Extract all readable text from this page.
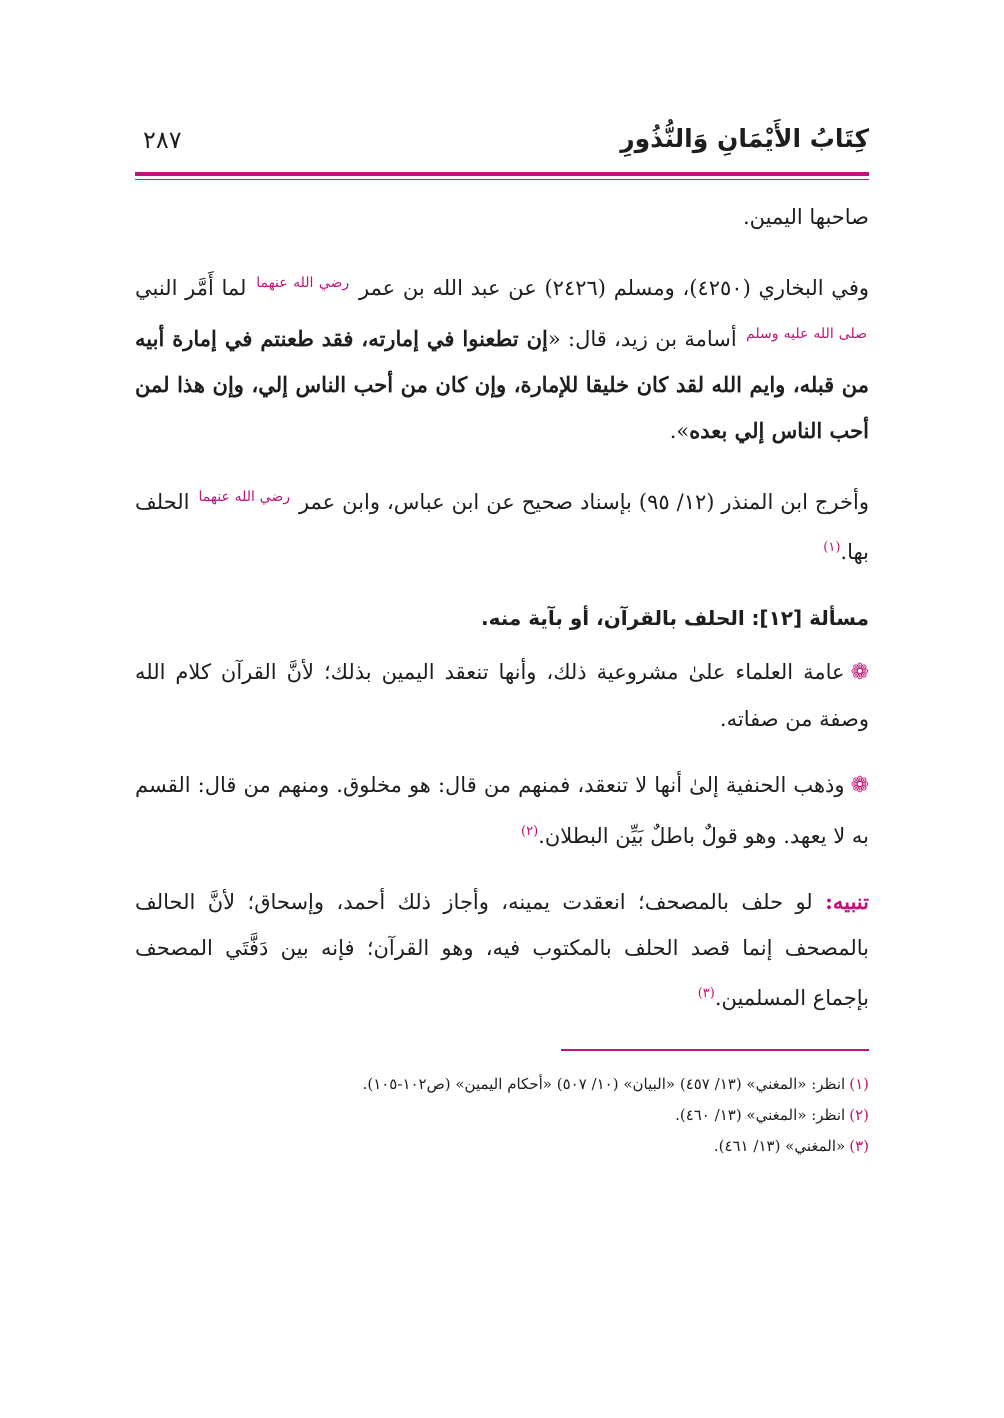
كِتَابُ الأَيْمَانِ وَالنُّذُورِ
٢٨٧

صاحبها اليمين.

وفي البخاري (٤٢٥٠)، ومسلم (٢٤٢٦) عن عبد الله بن عمر $^{رضي الله عنهما}$ لما أَمَّر النبي $^{صلى الله عليه وسلم}$ أسامة بن زيد، قال: «إن تطعنوا في إمارته، فقد طعنتم في إمارة أبيه من قبله، وايم الله لقد كان خليقا للإمارة، وإن كان من أحب الناس إلي، وإن هذا لمن أحب الناس إلي بعده».

وأخرج ابن المنذر (١٢/ ٩٥) بإسناد صحيح عن ابن عباس، وابن عمر $^{رضي الله عنهما}$ الحلف بها.$^{(١)}$

مسألة [١٢]: الحلف بالقرآن، أو بآية منه.

❁عامة العلماء علىٰ مشروعية ذلك، وأنها تنعقد اليمين بذلك؛ لأنَّ القرآن كلام الله وصفة من صفاته.

❁وذهب الحنفية إلىٰ أنها لا تنعقد، فمنهم من قال: هو مخلوق. ومنهم من قال: القسم به لا يعهد. وهو قولٌ باطلٌ بَيِّن البطلان.$^{(٢)}$

تنبيه: لو حلف بالمصحف؛ انعقدت يمينه، وأجاز ذلك أحمد، وإسحاق؛ لأنَّ الحالف بالمصحف إنما قصد الحلف بالمكتوب فيه، وهو القرآن؛ فإنه بين دَفَّتَي المصحف بإجماع المسلمين.$^{(٣)}$

(١)انظر: «المغني» (١٣/ ٤٥٧) «البيان» (١٠/ ٥٠٧) «أحكام اليمين» (ص١٠٢-١٠٥).

(٢)انظر: «المغني» (١٣/ ٤٦٠).

(٣)«المغني» (١٣/ ٤٦١).
